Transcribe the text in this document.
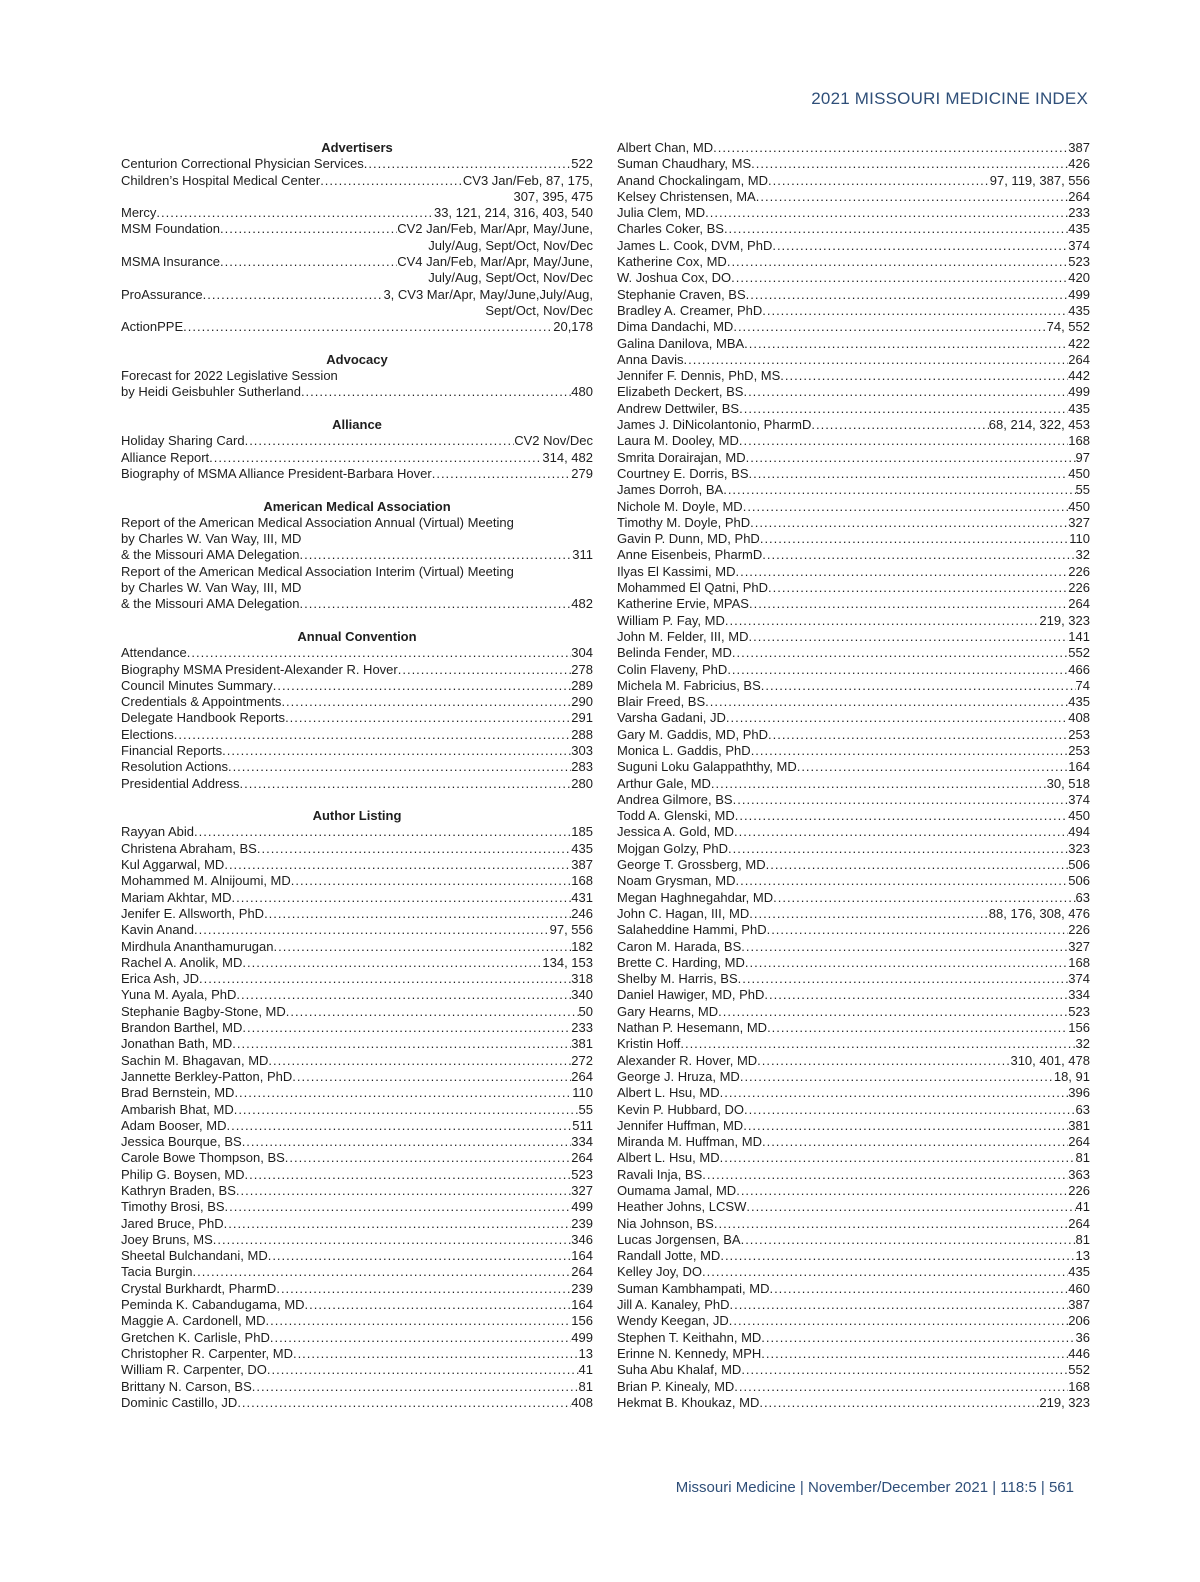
2021 MISSOURI MEDICINE INDEX
Advertisers
Centurion Correctional Physician Services .....	522
Children’s Hospital Medical Center .....	CV3 Jan/Feb, 87, 175,
307, 395, 475
Mercy .....	33, 121, 214, 316, 403, 540
MSM Foundation .....	CV2 Jan/Feb, Mar/Apr, May/June,
July/Aug, Sept/Oct, Nov/Dec
MSMA Insurance .....	CV4 Jan/Feb, Mar/Apr, May/June,
July/Aug, Sept/Oct, Nov/Dec
ProAssurance .....	3, CV3 Mar/Apr, May/June,July/Aug,
Sept/Oct, Nov/Dec
ActionPPE .....	20,178
Advocacy
Forecast for 2022 Legislative Session
by Heidi Geisbuhler Sutherland .....	480
Alliance
Holiday Sharing Card .....	CV2 Nov/Dec
Alliance Report .....	314, 482
Biography of MSMA Alliance President-Barbara Hover .....	279
American Medical Association
Report of the American Medical Association Annual (Virtual) Meeting
by Charles W. Van Way, III, MD
& the Missouri AMA Delegation .....	311
Report of the American Medical Association Interim (Virtual) Meeting
by Charles W. Van Way, III, MD
& the Missouri AMA Delegation .....	482
Annual Convention
Attendance .....	304
Biography MSMA President-Alexander R. Hover .....	278
Council Minutes Summary .....	289
Credentials & Appointments .....	290
Delegate Handbook Reports .....	291
Elections .....	288
Financial Reports .....	303
Resolution Actions .....	283
Presidential Address .....	280
Author Listing
Rayyan Abid .....	185
Christena Abraham, BS .....	435
Kul Aggarwal, MD .....	387
Mohammed M. Alnijoumi, MD .....	168
Mariam Akhtar, MD .....	431
Jenifer E. Allsworth, PhD .....	246
Kavin Anand .....	97, 556
Mirdhula Ananthamurugan .....	182
Rachel A. Anolik, MD .....	134, 153
Erica Ash, JD .....	318
Yuna M. Ayala, PhD .....	340
Stephanie Bagby-Stone, MD .....	50
Brandon Barthel, MD .....	233
Jonathan Bath, MD .....	381
Sachin M. Bhagavan, MD .....	272
Jannette Berkley-Patton, PhD .....	264
Brad Bernstein, MD .....	110
Ambarish Bhat, MD .....	55
Adam Booser, MD .....	511
Jessica Bourque, BS .....	334
Carole Bowe Thompson, BS .....	264
Philip G. Boysen, MD .....	523
Kathryn Braden, BS .....	327
Timothy Brosi, BS .....	499
Jared Bruce, PhD .....	239
Joey Bruns, MS .....	346
Sheetal Bulchandani, MD .....	164
Tacia Burgin .....	264
Crystal Burkhardt, PharmD .....	239
Peminda K. Cabandugama, MD .....	164
Maggie A. Cardonell, MD .....	156
Gretchen K. Carlisle, PhD .....	499
Christopher R. Carpenter, MD .....	13
William R. Carpenter, DO .....	41
Brittany N. Carson, BS .....	81
Dominic Castillo, JD .....	408
Albert Chan, MD .....	387
Suman Chaudhary, MS .....	426
Anand Chockalingam, MD .....	97, 119, 387, 556
Kelsey Christensen, MA .....	264
Julia Clem, MD .....	233
Charles Coker, BS .....	435
James L. Cook, DVM, PhD .....	374
Katherine Cox, MD .....	523
W. Joshua Cox, DO .....	420
Stephanie Craven, BS .....	499
Bradley A. Creamer, PhD .....	435
Dima Dandachi, MD .....	74, 552
Galina Danilova, MBA .....	422
Anna Davis .....	264
Jennifer F. Dennis, PhD, MS .....	442
Elizabeth Deckert, BS .....	499
Andrew Dettwiler, BS .....	435
James J. DiNicolantonio, PharmD .....	68, 214, 322, 453
Laura M. Dooley, MD .....	168
Smrita Dorairajan, MD .....	97
Courtney E. Dorris, BS .....	450
James Dorroh, BA .....	55
Nichole M. Doyle, MD .....	450
Timothy M. Doyle, PhD .....	327
Gavin P. Dunn, MD, PhD .....	110
Anne Eisenbeis, PharmD .....	32
Ilyas El Kassimi, MD .....	226
Mohammed El Qatni, PhD .....	226
Katherine Ervie, MPAS .....	264
William P. Fay, MD .....	219, 323
John M. Felder, III, MD .....	141
Belinda Fender, MD .....	552
Colin Flaveny, PhD .....	466
Michela M. Fabricius, BS .....	74
Blair Freed, BS .....	435
Varsha Gadani, JD .....	408
Gary M. Gaddis, MD, PhD .....	253
Monica L. Gaddis, PhD .....	253
Suguni Loku Galappaththy, MD .....	164
Arthur Gale, MD .....	30, 518
Andrea Gilmore, BS .....	374
Todd A. Glenski, MD .....	450
Jessica A. Gold, MD .....	494
Mojgan Golzy, PhD .....	323
George T. Grossberg, MD .....	506
Noam Grysman, MD .....	506
Megan Haghnegahdar, MD .....	63
John C. Hagan, III, MD .....	88, 176, 308, 476
Salaheddine Hammi, PhD .....	226
Caron M. Harada, BS .....	327
Brette C. Harding, MD .....	168
Shelby M. Harris, BS .....	374
Daniel Hawiger, MD, PhD .....	334
Gary Hearns, MD .....	523
Nathan P. Hesemann, MD .....	156
Kristin Hoff .....	32
Alexander R. Hover, MD .....	310, 401, 478
George J. Hruza, MD .....	18, 91
Albert L. Hsu, MD .....	396
Kevin P. Hubbard, DO .....	63
Jennifer Huffman, MD .....	381
Miranda M. Huffman, MD .....	264
Albert L. Hsu, MD .....	81
Ravali Inja, BS .....	363
Oumama Jamal, MD .....	226
Heather Johns, LCSW .....	41
Nia Johnson, BS .....	264
Lucas Jorgensen, BA .....	81
Randall Jotte, MD .....	13
Kelley Joy, DO .....	435
Suman Kambhampati, MD .....	460
Jill A. Kanaley, PhD .....	387
Wendy Keegan, JD .....	206
Stephen T. Keithahn, MD .....	36
Erinne N. Kennedy, MPH .....	446
Suha Abu Khalaf, MD .....	552
Brian P. Kinealy, MD .....	168
Hekmat B. Khoukaz, MD .....	219, 323
Missouri Medicine | November/December 2021 | 118:5 | 561
